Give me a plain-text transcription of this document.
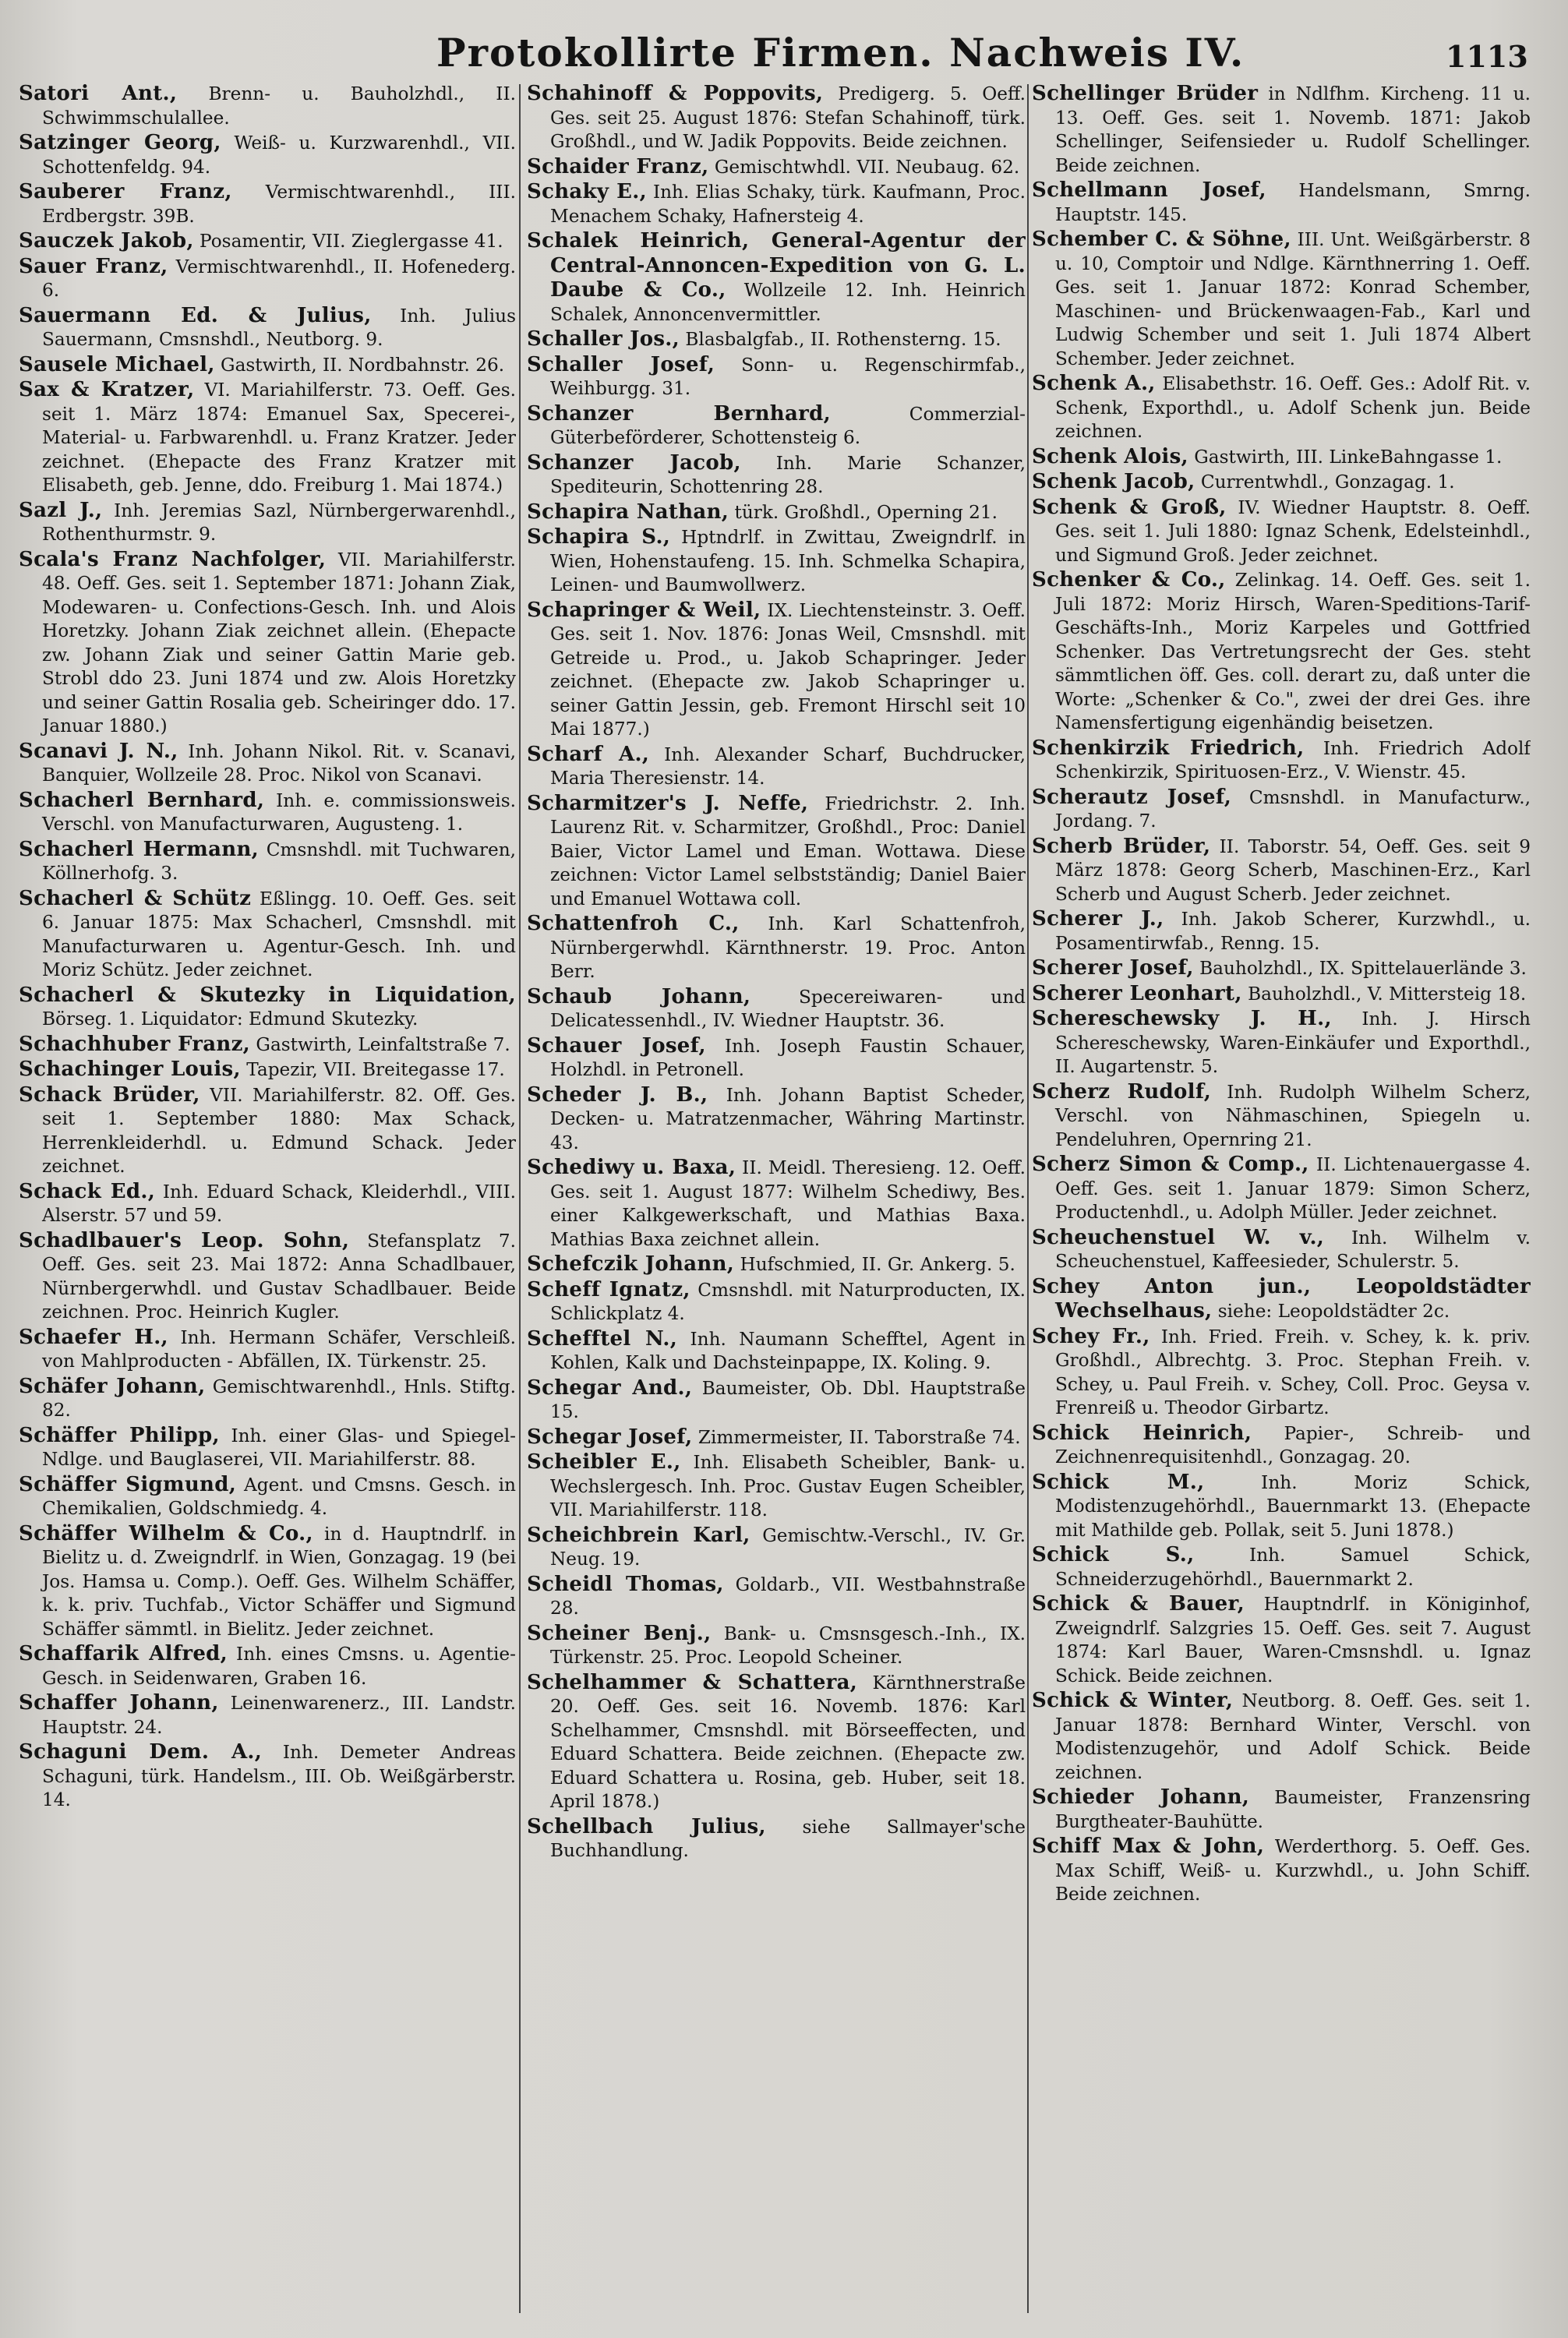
Protokollirte Firmen. Nachweis IV.	1113
Satori Ant., Brenn- u. Bauholzhdl., II. Schwimmschulallee.
Satzinger Georg, Weiß- u. Kurzwarenhdl., VII. Schottenfeldg. 94.
Sauberer Franz, Vermischtwarenhdl., III. Erdbergstr. 39B.
Sauczek Jakob, Posamentir, VII. Zieglergasse 41.
Sauer Franz, Vermischtwarenhdl., II. Hofenederg. 6.
Sauermann Ed. & Julius, Inh. Julius Sauermann, Cmsnshdl., Neutborg. 9.
Sausele Michael, Gastwirth, II. Nordbahnstr. 26.
Sax & Kratzer, VI. Mariahilferstr. 73. Oeff. Ges. seit 1. März 1874: Emanuel Sax, Specerei-, Material- u. Farbwarenhdl. u. Franz Kratzer. Jeder zeichnet. (Ehepacte des Franz Kratzer mit Elisabeth, geb. Jenne, ddo. Freiburg 1. Mai 1874.)
Sazl J., Inh. Jeremias Sazl, Nürnbergerwarenhdl., Rothenthurmstr. 9.
Scala's Franz Nachfolger, VII. Mariahilferstr. 48. Oeff. Ges. seit 1. September 1871: Johann Ziak, Modewaren- u. Confections-Gesch. Inh. und Alois Horetzky. Johann Ziak zeichnet allein. (Ehepacte zw. Johann Ziak und seiner Gattin Marie geb. Strobl ddo 23. Juni 1874 und zw. Alois Horetzky und seiner Gattin Rosalia geb. Scheiringer ddo. 17. Januar 1880.)
Scanavi J. N., Inh. Johann Nikol. Rit. v. Scanavi, Banquier, Wollzeile 28. Proc. Nikol von Scanavi.
Schacherl Bernhard, Inh. e. commissionsweis. Verschl. von Manufacturwaren, Augusteng. 1.
Schacherl Hermann, Cmsnshdl. mit Tuchwaren, Köllnerhofg. 3.
Schacherl & Schütz Eßlingg. 10. Oeff. Ges. seit 6. Januar 1875: Max Schacherl, Cmsnshdl. mit Manufacturwaren u. Agentur-Gesch. Inh. und Moriz Schütz. Jeder zeichnet.
Schacherl & Skutezky in Liquidation, Börseg. 1. Liquidator: Edmund Skutezky.
Schachhuber Franz, Gastwirth, Leinfaltstraße 7.
Schachinger Louis, Tapezir, VII. Breitegasse 17.
Schack Brüder, VII. Mariahilferstr. 82. Off. Ges. seit 1. September 1880: Max Schack, Herrenkleiderhdl. u. Edmund Schack. Jeder zeichnet.
Schack Ed., Inh. Eduard Schack, Kleiderhdl., VIII. Alserstr. 57 und 59.
Schadlbauer's Leop. Sohn, Stefansplatz 7. Oeff. Ges. seit 23. Mai 1872: Anna Schadlbauer, Nürnbergerwhdl. und Gustav Schadlbauer. Beide zeichnen. Proc. Heinrich Kugler.
Schaefer H., Inh. Hermann Schäfer, Verschleiß. von Mahlproducten - Abfällen, IX. Türkenstr. 25.
Schäfer Johann, Gemischtwarenhdl., Hnls. Stiftg. 82.
Schäffer Philipp, Inh. einer Glas- und Spiegel-Ndlge. und Bauglaserei, VII. Mariahilferstr. 88.
Schäffer Sigmund, Agent. und Cmsns. Gesch. in Chemikalien, Goldschmiedg. 4.
Schäffer Wilhelm & Co., in d. Hauptndrlf. in Bielitz u. d. Zweigndrlf. in Wien, Gonzagag. 19 (bei Jos. Hamsa u. Comp.). Oeff. Ges. Wilhelm Schäffer, k. k. priv. Tuchfab., Victor Schäffer und Sigmund Schäffer sämmtl. in Bielitz. Jeder zeichnet.
Schaffarik Alfred, Inh. eines Cmsns. u. Agentie-Gesch. in Seidenwaren, Graben 16.
Schaffer Johann, Leinenwarenerz., III. Landstr. Hauptstr. 24.
Schaguni Dem. A., Inh. Demeter Andreas Schaguni, türk. Handelsm., III. Ob. Weißgärberstr. 14.
Schahinoff & Poppovits, Predigerg. 5. Oeff. Ges. seit 25. August 1876: Stefan Schahinoff, türk. Großhdl., und W. Jadik Poppovits. Beide zeichnen.
Schaider Franz, Gemischtwhdl. VII. Neubaug. 62.
Schaky E., Inh. Elias Schaky, türk. Kaufmann, Proc. Menachem Schaky, Hafnersteig 4.
Schalek Heinrich, General-Agentur der Central-Annoncen-Expedition von G. L. Daube & Co., Wollzeile 12. Inh. Heinrich Schalek, Annoncenvermittler.
Schaller Jos., Blasbalgfab., II. Rothensterng. 15.
Schaller Josef, Sonn- u. Regenschirmfab., Weihburgg. 31.
Schanzer Bernhard, Commerzial-Güterbeförderer, Schottensteig 6.
Schanzer Jacob, Inh. Marie Schanzer, Spediteurin, Schottenring 28.
Schapira Nathan, türk. Großhdl., Operning 21.
Schapira S., Hptndrlf. in Zwittau, Zweigndrlf. in Wien, Hohenstaufeng. 15. Inh. Schmelka Schapira, Leinen- und Baumwollwerz.
Schapringer & Weil, IX. Liechtensteinstr. 3. Oeff. Ges. seit 1. Nov. 1876: Jonas Weil, Cmsnshdl. mit Getreide u. Prod., u. Jakob Schapringer. Jeder zeichnet. (Ehepacte zw. Jakob Schapringer u. seiner Gattin Jessin, geb. Fremont Hirschl seit 10 Mai 1877.)
Scharf A., Inh. Alexander Scharf, Buchdrucker, Maria Theresienstr. 14.
Scharmitzer's J. Neffe, Friedrichstr. 2. Inh. Laurenz Rit. v. Scharmitzer, Großhdl., Proc: Daniel Baier, Victor Lamel und Eman. Wottawa. Diese zeichnen: Victor Lamel selbstständig; Daniel Baier und Emanuel Wottawa coll.
Schattenfroh C., Inh. Karl Schattenfroh, Nürnbergerwhdl. Kärnthnerstr. 19. Proc. Anton Berr.
Schaub Johann, Specereiwaren- und Delicatessenhdl., IV. Wiedner Hauptstr. 36.
Schauer Josef, Inh. Joseph Faustin Schauer, Holzhdl. in Petronell.
Scheder J. B., Inh. Johann Baptist Scheder, Decken- u. Matratzenmacher, Währing Martinstr. 43.
Schediwy u. Baxa, II. Meidl. Theresieng. 12. Oeff. Ges. seit 1. August 1877: Wilhelm Schediwy, Bes. einer Kalkgewerkschaft, und Mathias Baxa. Mathias Baxa zeichnet allein.
Schefczik Johann, Hufschmied, II. Gr. Ankerg. 5.
Scheff Ignatz, Cmsnshdl. mit Naturproducten, IX. Schlickplatz 4.
Schefftel N., Inh. Naumann Schefftel, Agent in Kohlen, Kalk und Dachsteinpappe, IX. Koling. 9.
Schegar And., Baumeister, Ob. Dbl. Hauptstraße 15.
Schegar Josef, Zimmermeister, II. Taborstraße 74.
Scheibler E., Inh. Elisabeth Scheibler, Bank- u. Wechslergesch. Inh. Proc. Gustav Eugen Scheibler, VII. Mariahilferstr. 118.
Scheichbrein Karl, Gemischtw.-Verschl., IV. Gr. Neug. 19.
Scheidl Thomas, Goldarb., VII. Westbahnstraße 28.
Scheiner Benj., Bank- u. Cmsnsgesch.-Inh., IX. Türkenstr. 25. Proc. Leopold Scheiner.
Schelhammer & Schattera, Kärnthnerstraße 20. Oeff. Ges. seit 16. Novemb. 1876: Karl Schelhammer, Cmsnshdl. mit Börseeffecten, und Eduard Schattera. Beide zeichnen. (Ehepacte zw. Eduard Schattera u. Rosina, geb. Huber, seit 18. April 1878.)
Schellbach Julius, siehe Sallmayer'sche Buchhandlung.
Schellinger Brüder in Ndlfhm. Kircheng. 11 u. 13. Oeff. Ges. seit 1. Novemb. 1871: Jakob Schellinger, Seifensieder u. Rudolf Schellinger. Beide zeichnen.
Schellmann Josef, Handelsmann, Smrng. Hauptstr. 145.
Schember C. & Söhne, III. Unt. Weißgärberstr. 8 u. 10, Comptoir und Ndlge. Kärnthnerring 1. Oeff. Ges. seit 1. Januar 1872: Konrad Schember, Maschinen- und Brückenwaagen-Fab., Karl und Ludwig Schember und seit 1. Juli 1874 Albert Schember. Jeder zeichnet.
Schenk A., Elisabethstr. 16. Oeff. Ges.: Adolf Rit. v. Schenk, Exporthdl., u. Adolf Schenk jun. Beide zeichnen.
Schenk Alois, Gastwirth, III. LinkeBahngasse 1.
Schenk Jacob, Currentwhdl., Gonzagag. 1.
Schenk & Groß, IV. Wiedner Hauptstr. 8. Oeff. Ges. seit 1. Juli 1880: Ignaz Schenk, Edelsteinhdl., und Sigmund Groß. Jeder zeichnet.
Schenker & Co., Zelinkag. 14. Oeff. Ges. seit 1. Juli 1872: Moriz Hirsch, Waren-Speditions-Tarif-Geschäfts-Inh., Moriz Karpeles und Gottfried Schenker. Das Vertretungsrecht der Ges. steht sämmtlichen öff. Ges. coll. derart zu, daß unter die Worte: „Schenker & Co.", zwei der drei Ges. ihre Namensfertigung eigenhändig beisetzen.
Schenkirzik Friedrich, Inh. Friedrich Adolf Schenkirzik, Spirituosen-Erz., V. Wienstr. 45.
Scherautz Josef, Cmsnshdl. in Manufacturw., Jordang. 7.
Scherb Brüder, II. Taborstr. 54, Oeff. Ges. seit 9 März 1878: Georg Scherb, Maschinen-Erz., Karl Scherb und August Scherb. Jeder zeichnet.
Scherer J., Inh. Jakob Scherer, Kurzwhdl., u. Posamentirwfab., Renng. 15.
Scherer Josef, Bauholzhdl., IX. Spittelauerlände 3.
Scherer Leonhart, Bauholzhdl., V. Mittersteig 18.
Schereschewsky J. H., Inh. J. Hirsch Schereschewsky, Waren-Einkäufer und Exporthdl., II. Augartenstr. 5.
Scherz Rudolf, Inh. Rudolph Wilhelm Scherz, Verschl. von Nähmaschinen, Spiegeln u. Pendeluhren, Opernring 21.
Scherz Simon & Comp., II. Lichtenauergasse 4. Oeff. Ges. seit 1. Januar 1879: Simon Scherz, Productenhdl., u. Adolph Müller. Jeder zeichnet.
Scheuchenstuel W. v., Inh. Wilhelm v. Scheuchenstuel, Kaffeesieder, Schulerstr. 5.
Schey Anton jun., Leopoldstädter Wechselhaus, siehe: Leopoldstädter 2c.
Schey Fr., Inh. Fried. Freih. v. Schey, k. k. priv. Großhdl., Albrechtg. 3. Proc. Stephan Freih. v. Schey, u. Paul Freih. v. Schey, Coll. Proc. Geysa v. Frenreiß u. Theodor Girbartz.
Schick Heinrich, Papier-, Schreib- und Zeichnenrequisitenhdl., Gonzagag. 20.
Schick M., Inh. Moriz Schick, Modistenzugehörhdl., Bauernmarkt 13. (Ehepacte mit Mathilde geb. Pollak, seit 5. Juni 1878.)
Schick S., Inh. Samuel Schick, Schneiderzugehörhdl., Bauernmarkt 2.
Schick & Bauer, Hauptndrlf. in Königinhof, Zweigndrlf. Salzgries 15. Oeff. Ges. seit 7. August 1874: Karl Bauer, Waren-Cmsnshdl. u. Ignaz Schick. Beide zeichnen.
Schick & Winter, Neutborg. 8. Oeff. Ges. seit 1. Januar 1878: Bernhard Winter, Verschl. von Modistenzugehör, und Adolf Schick. Beide zeichnen.
Schieder Johann, Baumeister, Franzensring Burgtheater-Bauhütte.
Schiff Max & John, Werderthorg. 5. Oeff. Ges. Max Schiff, Weiß- u. Kurzwhdl., u. John Schiff. Beide zeichnen.
